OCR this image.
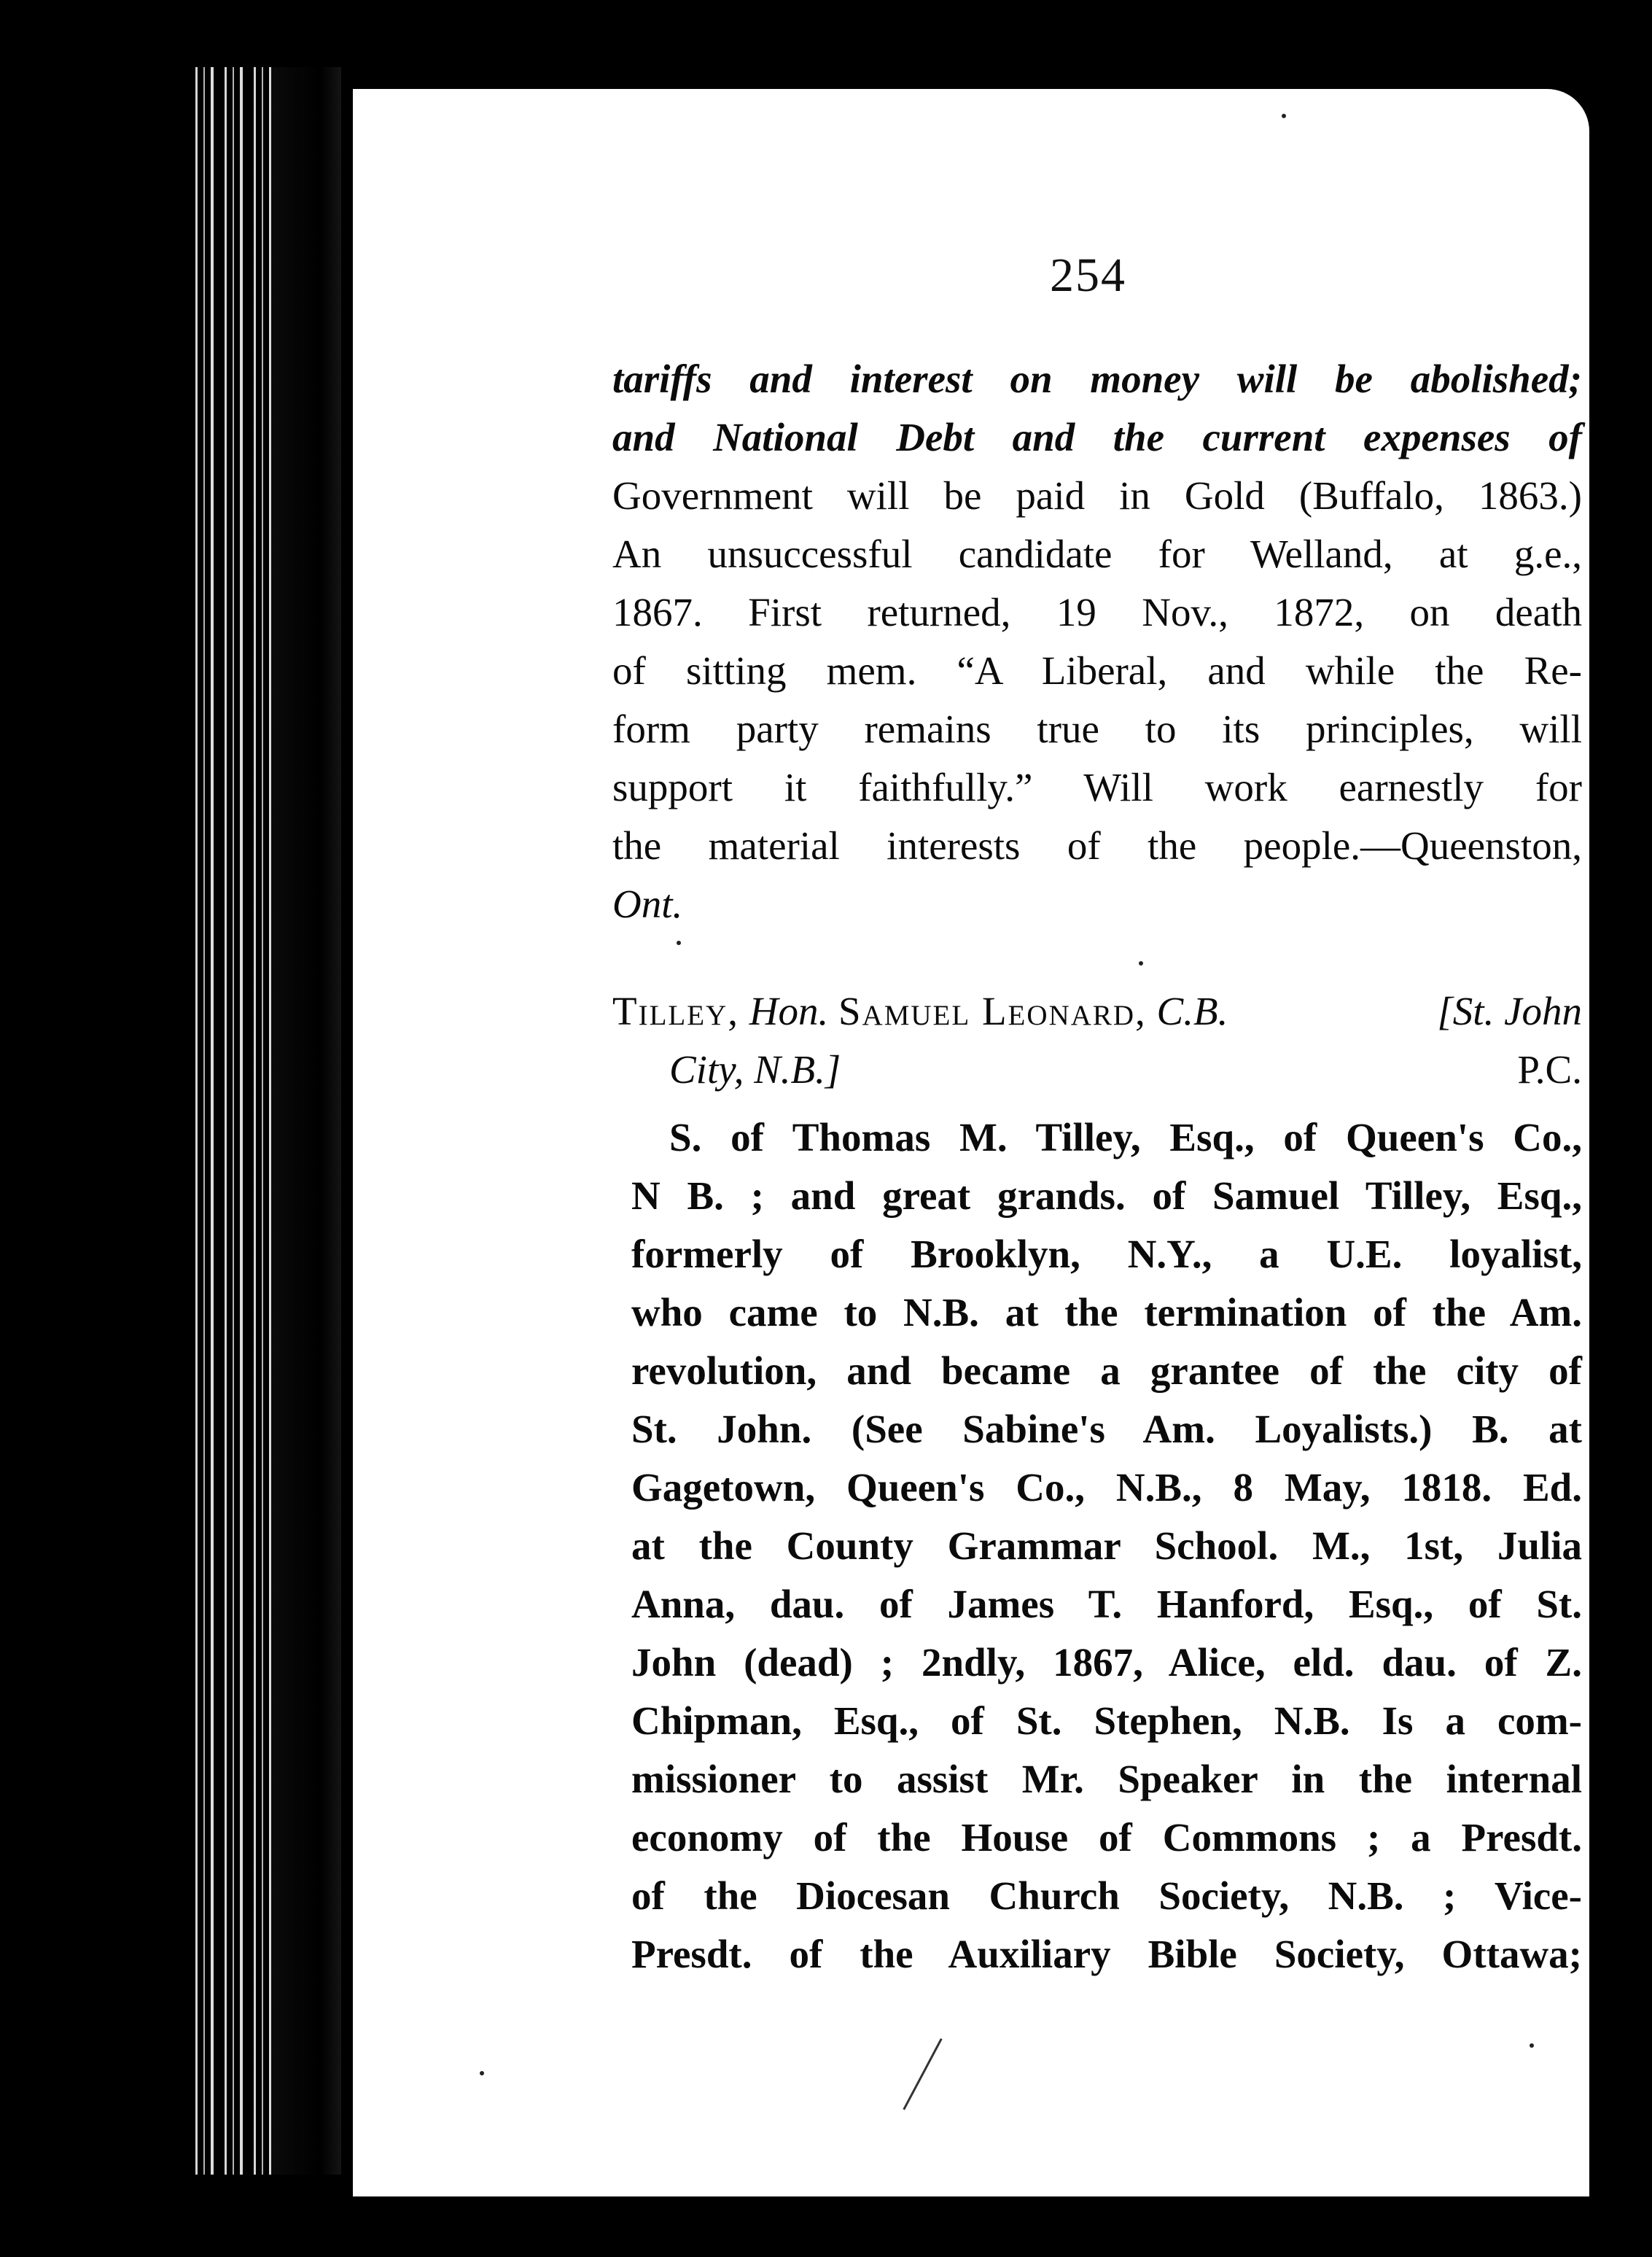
254
tariffs and interest on money will be abolished;
and National Debt and the current expenses of
Government will be paid in Gold (Buffalo, 1863.)
An unsuccessful candidate for Welland, at g.e.,
1867. First returned, 19 Nov., 1872, on death
of sitting mem. “A Liberal, and while the Re-
form party remains true to its principles, will
support it faithfully.” Will work earnestly for
the material interests of the people.—Queenston,
Ont.
Tilley, Hon. Samuel Leonard, C.B.	[St. John
City, N.B.]	P.C.
S. of Thomas M. Tilley, Esq., of Queen's Co.,
N B. ; and great grands. of Samuel Tilley, Esq.,
formerly of Brooklyn, N.Y., a U.E. loyalist,
who came to N.B. at the termination of the Am.
revolution, and became a grantee of the city of
St. John. (See Sabine's Am. Loyalists.) B. at
Gagetown, Queen's Co., N.B., 8 May, 1818. Ed.
at the County Grammar School. M., 1st, Julia
Anna, dau. of James T. Hanford, Esq., of St.
John (dead) ; 2ndly, 1867, Alice, eld. dau. of Z.
Chipman, Esq., of St. Stephen, N.B. Is a com-
missioner to assist Mr. Speaker in the internal
economy of the House of Commons ; a Presdt.
of the Diocesan Church Society, N.B. ; Vice-
Presdt. of the Auxiliary Bible Society, Ottawa;
